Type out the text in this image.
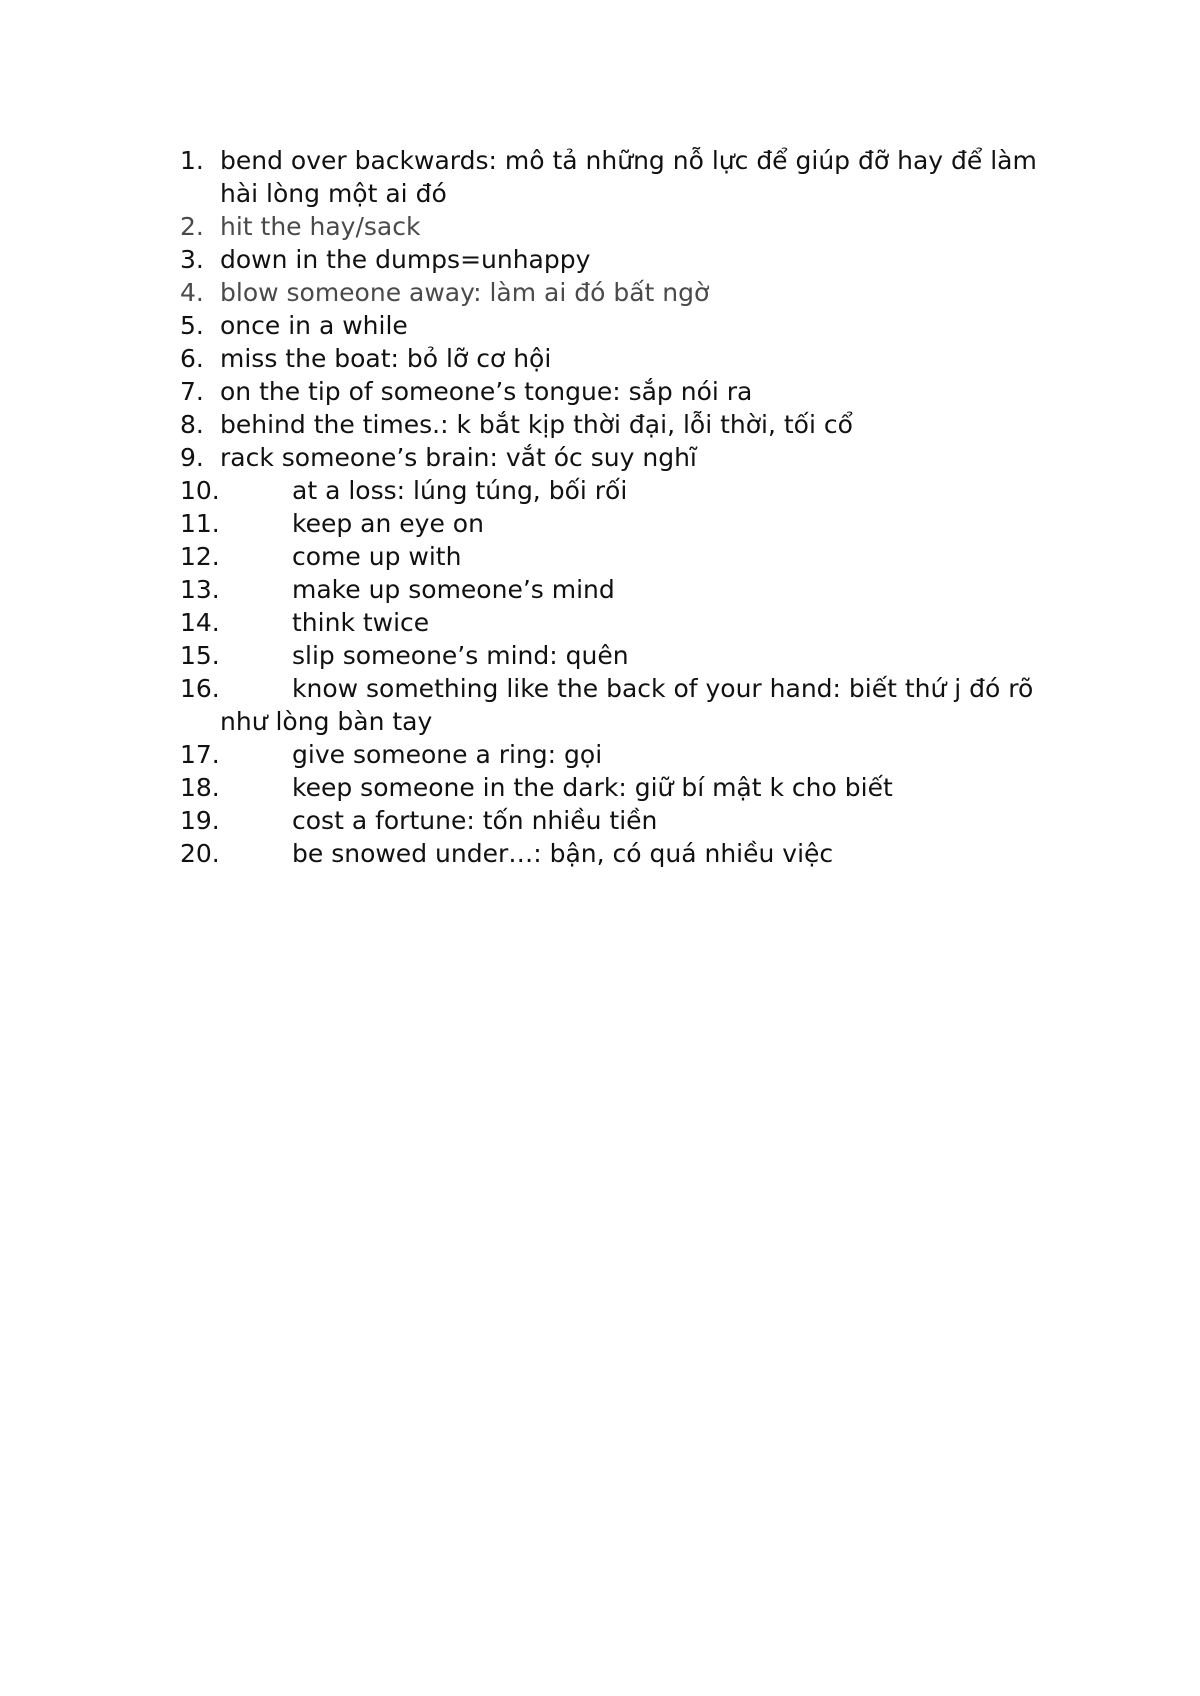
1. bend over backwards: mô tả những nỗ lực để giúp đỡ hay để làm hài lòng một ai đó
2. hit the hay/sack
3. down in the dumps=unhappy
4. blow someone away: làm ai đó bất ngờ
5. once in a while
6. miss the boat: bỏ lỡ cơ hội
7. on the tip of someone’s tongue: sắp nói ra
8. behind the times.: k bắt kịp thời đại, lỗi thời, tối cổ
9. rack someone’s brain: vắt óc suy nghĩ
10.	at a loss: lúng túng, bối rối
11.	keep an eye on
12.	come up with
13.	make up someone’s mind
14.	think twice
15.	slip someone’s mind: quên
16.	know something like the back of your hand: biết thứ j đó rõ như lòng bàn tay
17.	give someone a ring: gọi
18.	keep someone in the dark: giữ bí mật k cho biết
19.	cost a fortune: tốn nhiều tiền
20.	be snowed under…: bận, có quá nhiều việc
